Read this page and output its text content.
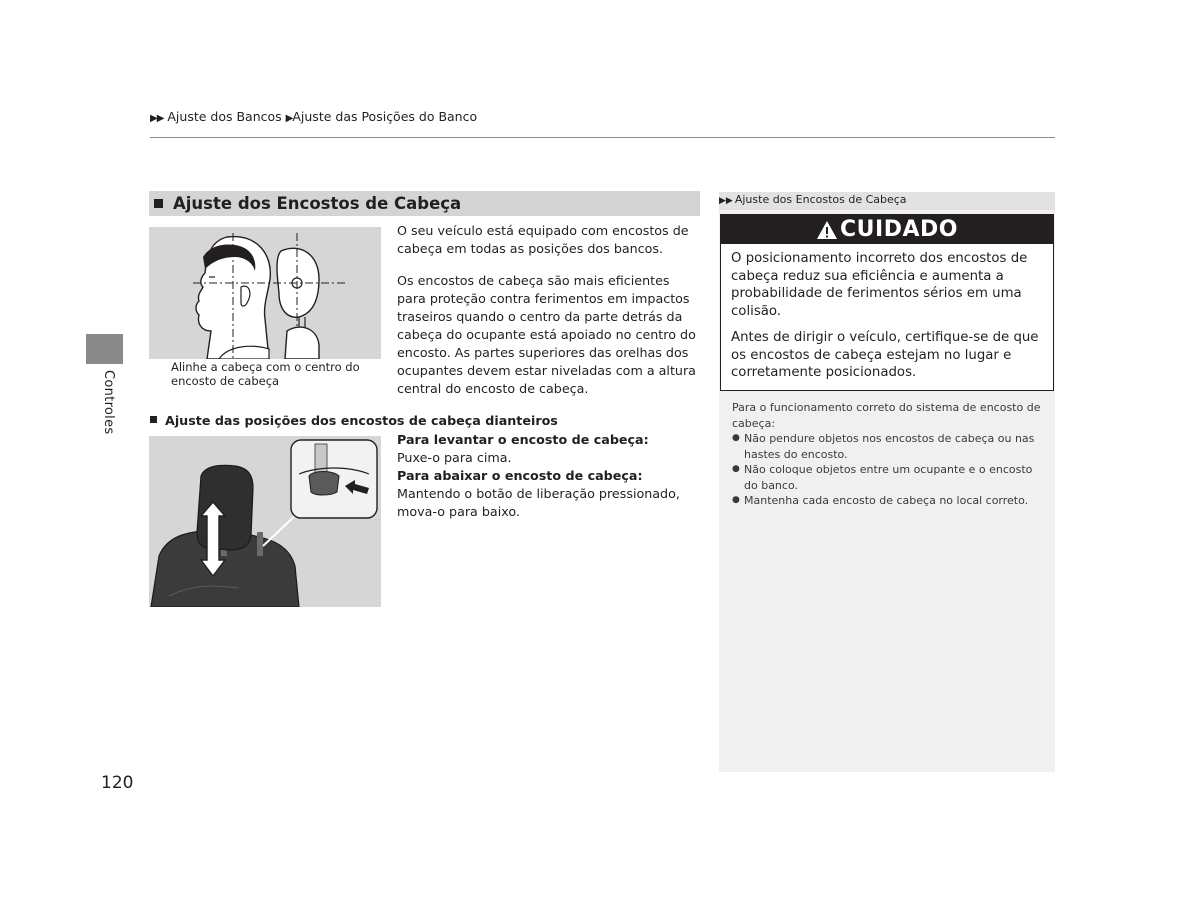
▶▶ Ajuste dos Bancos ▶Ajuste das Posições do Banco
Controles
120
Ajuste dos Encostos de Cabeça
Alinhe a cabeça com o centro do encosto de cabeça
O seu veículo está equipado com encostos de cabeça em todas as posições dos bancos.
Os encostos de cabeça são mais eficientes para proteção contra ferimentos em impactos traseiros quando o centro da parte detrás da cabeça do ocupante está apoiado no centro do encosto. As partes superiores das orelhas dos ocupantes devem estar niveladas com a altura central do encosto de cabeça.
Ajuste das posições dos encostos de cabeça dianteiros
Para levantar o encosto de cabeça:
Puxe-o para cima.
Para abaixar o encosto de cabeça:
Mantendo o botão de liberação pressionado, mova-o para baixo.
▶▶ Ajuste dos Encostos de Cabeça
CUIDADO
O posicionamento incorreto dos encostos de cabeça reduz sua eficiência e aumenta a probabilidade de ferimentos sérios em uma colisão.
Antes de dirigir o veículo, certifique-se de que os encostos de cabeça estejam no lugar e corretamente posicionados.
Para o funcionamento correto do sistema de encosto de cabeça:
● Não pendure objetos nos encostos de cabeça ou nas hastes do encosto.
● Não coloque objetos entre um ocupante e o encosto do banco.
● Mantenha cada encosto de cabeça no local correto.
